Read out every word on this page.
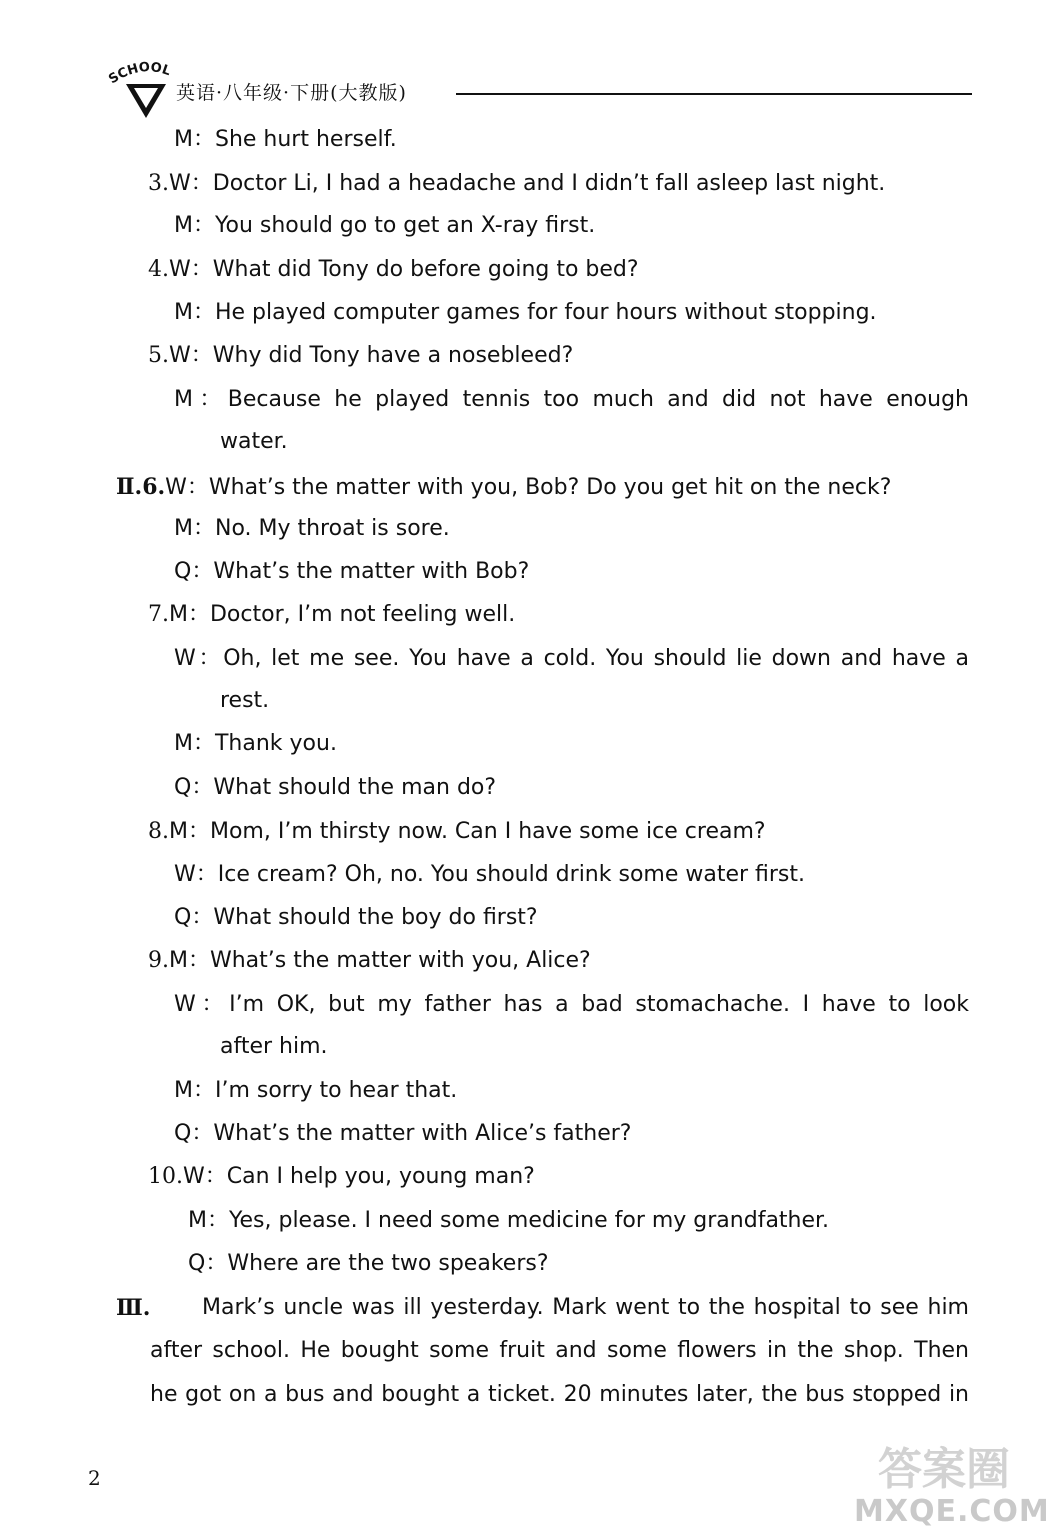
SCHOOL
英语·八年级·下册(大教版)
M：She hurt herself.
3.W：Doctor Li, I had a headache and I didn’t fall asleep last night.
M：You should go to get an X-ray first.
4.W：What did Tony do before going to bed?
M：He played computer games for four hours without stopping.
5.W：Why did Tony have a nosebleed?
M：Because he played tennis too much and did not have enough
water.
Ⅱ.6.W：What’s the matter with you, Bob? Do you get hit on the neck?
M：No. My throat is sore.
Q：What’s the matter with Bob?
7.M：Doctor, I’m not feeling well.
W：Oh, let me see. You have a cold. You should lie down and have a
rest.
M：Thank you.
Q：What should the man do?
8.M：Mom, I’m thirsty now. Can I have some ice cream?
W：Ice cream? Oh, no. You should drink some water first.
Q：What should the boy do first?
9.M：What’s the matter with you, Alice?
W：I’m OK, but my father has a bad stomachache. I have to look
after him.
M：I’m sorry to hear that.
Q：What’s the matter with Alice’s father?
10.W：Can I help you, young man?
M：Yes, please. I need some medicine for my grandfather.
Q：Where are the two speakers?
Ⅲ. Mark’s uncle was ill yesterday. Mark went to the hospital to see him
after school. He bought some fruit and some flowers in the shop. Then
he got on a bus and bought a ticket. 20 minutes later, the bus stopped in
2	答案圈
MXQE.COM
